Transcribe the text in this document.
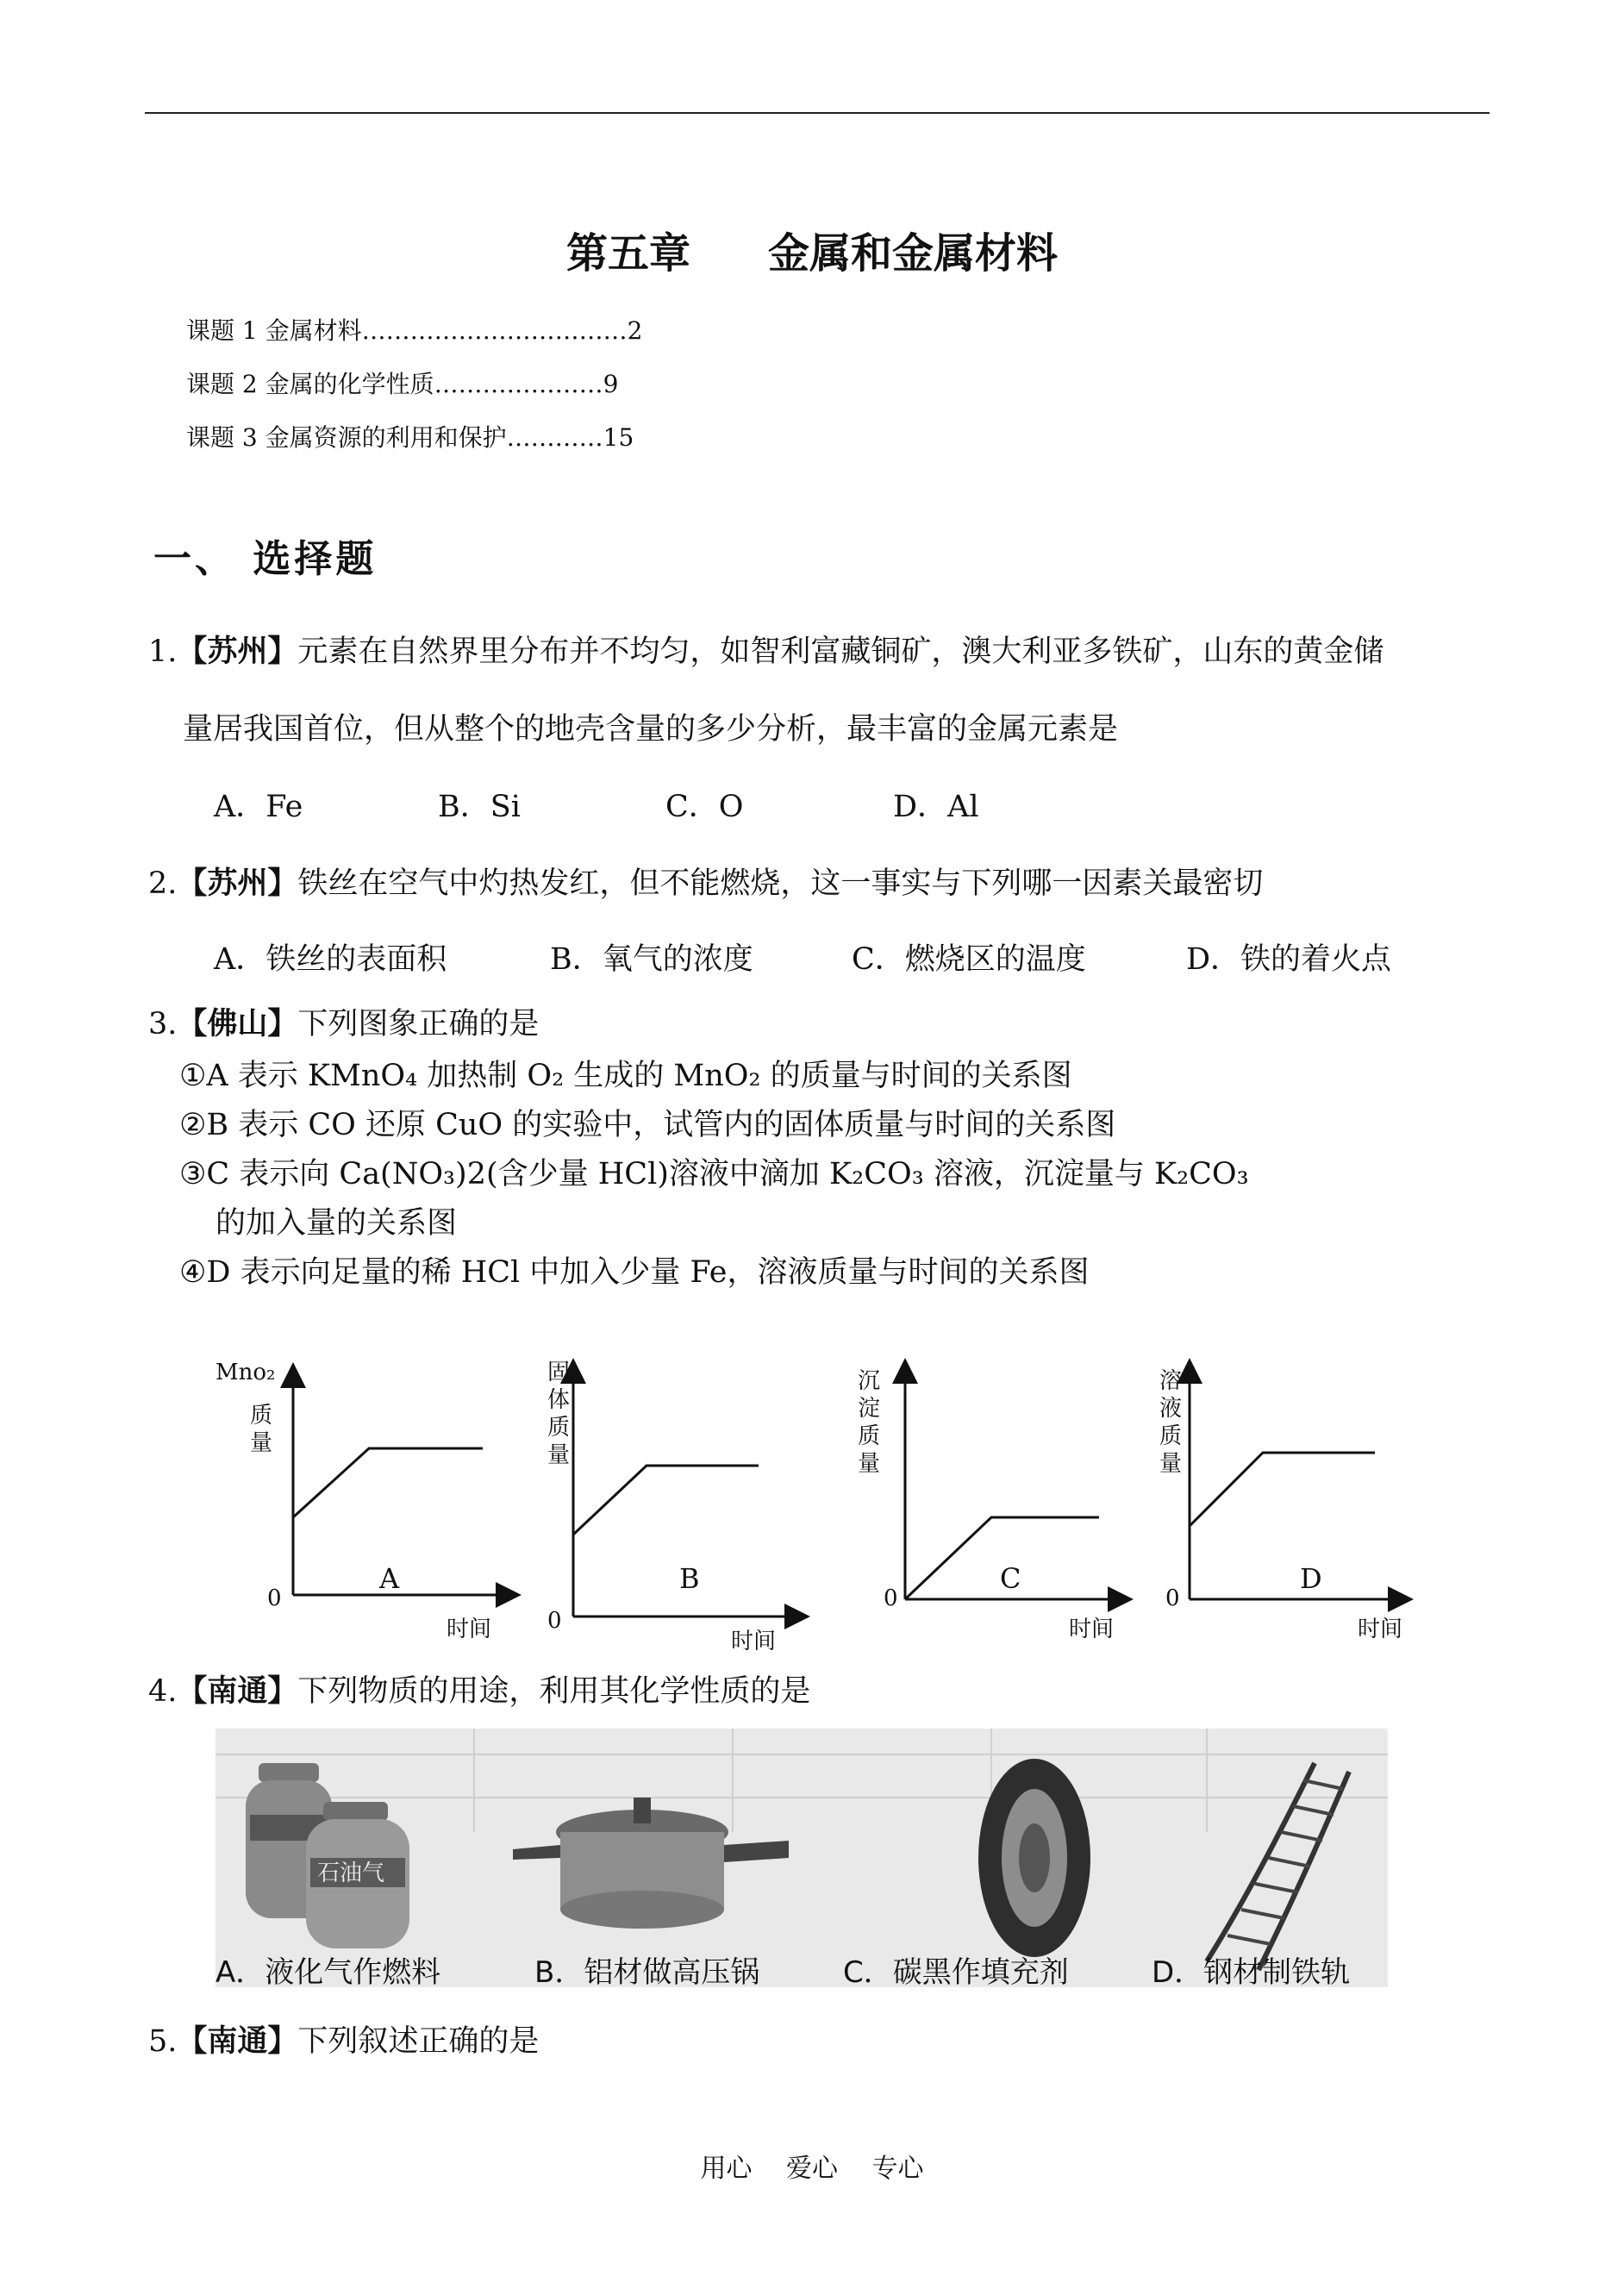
第五章 金属和金属材料
课题 1 金属材料……………………………2
课题 2 金属的化学性质…………………9
课题 3 金属资源的利用和保护…………15
一、 选择题
1.【苏州】元素在自然界里分布并不均匀，如智利富藏铜矿，澳大利亚多铁矿，山东的黄金储
量居我国首位，但从整个的地壳含量的多少分析，最丰富的金属元素是
A．Fe	B．Si	C．O	D．Al
2.【苏州】铁丝在空气中灼热发红，但不能燃烧，这一事实与下列哪一因素关最密切
A．铁丝的表面积	B．氧气的浓度	C．燃烧区的温度	D．铁的着火点
3.【佛山】下列图象正确的是
①A 表示 KMnO₄ 加热制 O₂ 生成的 MnO₂ 的质量与时间的关系图
②B 表示 CO 还原 CuO 的实验中，试管内的固体质量与时间的关系图
③C 表示向 Ca(NO₃)2(含少量 HCl)溶液中滴加 K₂CO₃ 溶液，沉淀量与 K₂CO₃
的加入量的关系图
④D 表示向足量的稀 HCl 中加入少量 Fe，溶液质量与时间的关系图
Mno₂
质
量
0
A
时间
固
体
质
量
0
B
时间
沉
淀
质
量
0
C
时间
溶
液
质
量
0
D
时间
4.【南通】下列物质的用途，利用其化学性质的是
石油气
A．液化气作燃料	B．铝材做高压锅	C．碳黑作填充剂	D．钢材制铁轨
5.【南通】下列叙述正确的是
用心 爱心 专心
